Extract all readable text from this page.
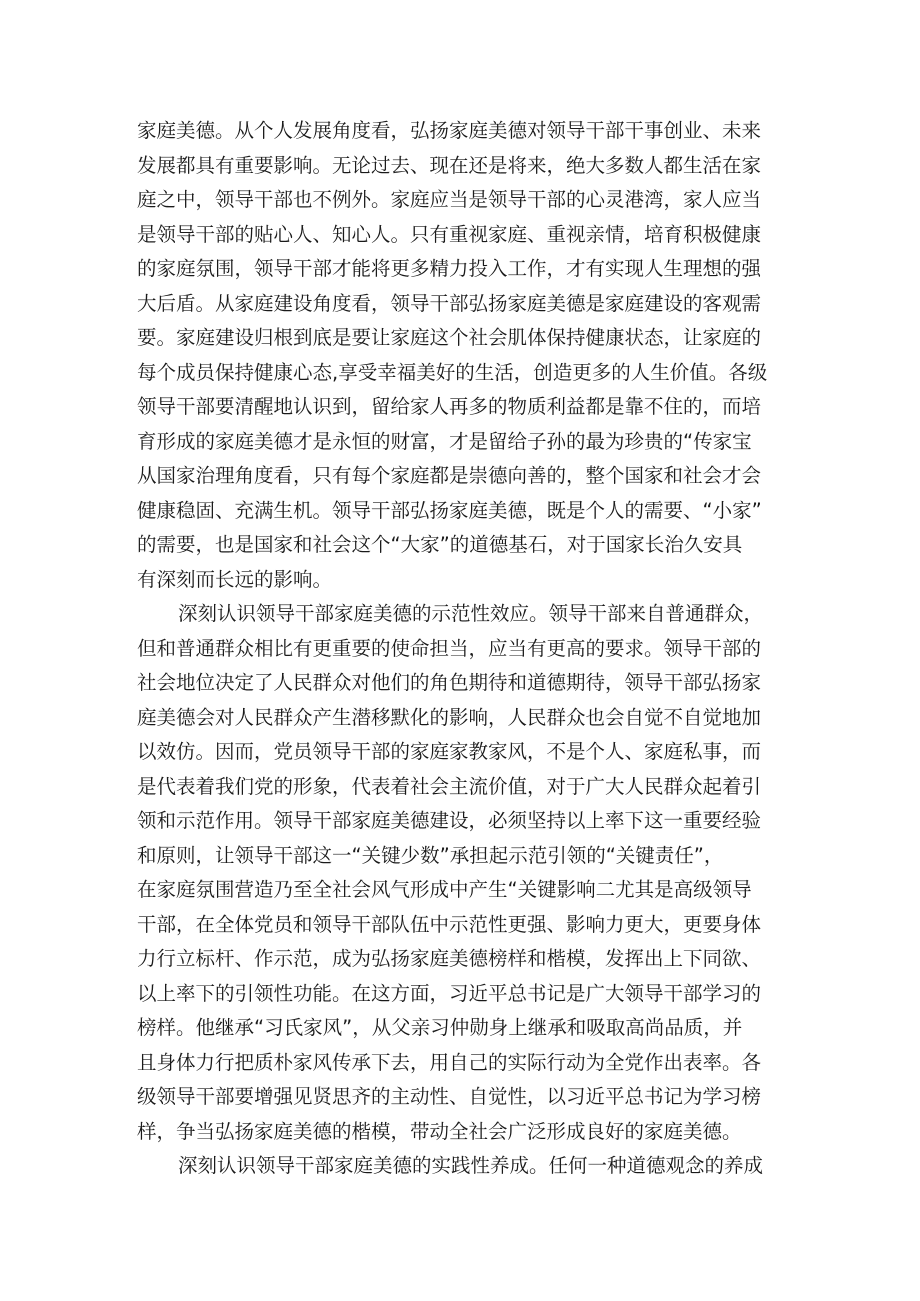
家庭美德。从个人发展角度看，弘扬家庭美德对领导干部干事创业、未来
发展都具有重要影响。无论过去、现在还是将来，绝大多数人都生活在家
庭之中，领导干部也不例外。家庭应当是领导干部的心灵港湾，家人应当
是领导干部的贴心人、知心人。只有重视家庭、重视亲情，培育积极健康
的家庭氛围，领导干部才能将更多精力投入工作，才有实现人生理想的强
大后盾。从家庭建设角度看，领导干部弘扬家庭美德是家庭建设的客观需
要。家庭建设归根到底是要让家庭这个社会肌体保持健康状态，让家庭的
每个成员保持健康心态,享受幸福美好的生活，创造更多的人生价值。各级
领导干部要清醒地认识到，留给家人再多的物质利益都是靠不住的，而培
育形成的家庭美德才是永恒的财富，才是留给子孙的最为珍贵的“传家宝
从国家治理角度看，只有每个家庭都是崇德向善的，整个国家和社会才会
健康稳固、充满生机。领导干部弘扬家庭美德，既是个人的需要、“小家”
的需要，也是国家和社会这个“大家”的道德基石，对于国家长治久安具
有深刻而长远的影响。
深刻认识领导干部家庭美德的示范性效应。领导干部来自普通群众，
但和普通群众相比有更重要的使命担当，应当有更高的要求。领导干部的
社会地位决定了人民群众对他们的角色期待和道德期待，领导干部弘扬家
庭美德会对人民群众产生潜移默化的影响，人民群众也会自觉不自觉地加
以效仿。因而，党员领导干部的家庭家教家风，不是个人、家庭私事，而
是代表着我们党的形象，代表着社会主流价值，对于广大人民群众起着引
领和示范作用。领导干部家庭美德建设，必须坚持以上率下这一重要经验
和原则，让领导干部这一“关键少数”承担起示范引领的“关键责任”，
在家庭氛围营造乃至全社会风气形成中产生“关键影响二尤其是高级领导
干部，在全体党员和领导干部队伍中示范性更强、影响力更大，更要身体
力行立标杆、作示范，成为弘扬家庭美德榜样和楷模，发挥出上下同欲、
以上率下的引领性功能。在这方面，习近平总书记是广大领导干部学习的
榜样。他继承“习氏家风”，从父亲习仲勋身上继承和吸取高尚品质，并
且身体力行把质朴家风传承下去，用自己的实际行动为全党作出表率。各
级领导干部要增强见贤思齐的主动性、自觉性，以习近平总书记为学习榜
样，争当弘扬家庭美德的楷模，带动全社会广泛形成良好的家庭美德。
深刻认识领导干部家庭美德的实践性养成。任何一种道德观念的养成
